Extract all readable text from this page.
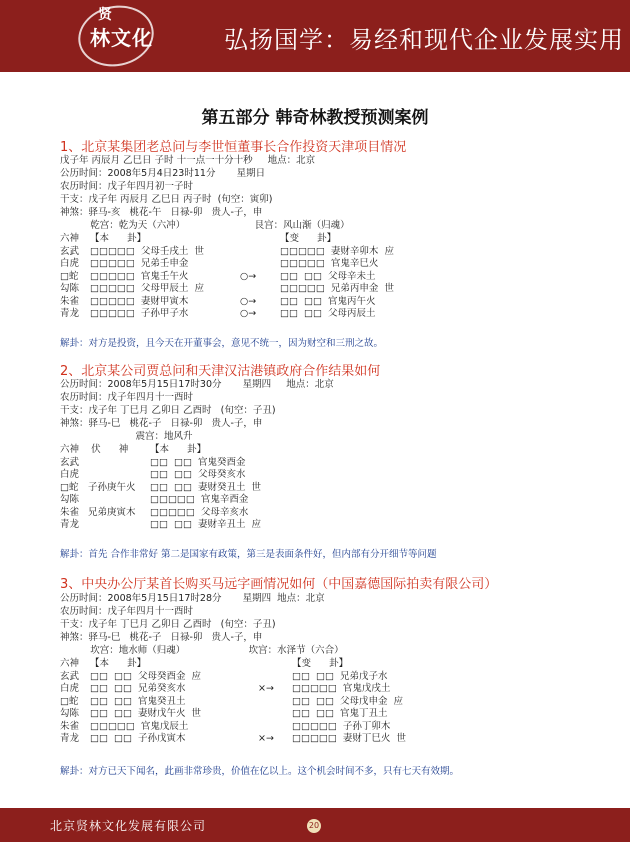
贤
林文化	弘扬国学：易经和现代企业发展实用
第五部分 韩奇林教授预测案例
1、北京某集团老总问与李世恒董事长合作投资天津项目情况
戊子年 丙辰月 乙巳日 子时 十一点一十分十秒     地点：北京
公历时间：2008年5月4日23时11分       星期日
农历时间：戊子年四月初一子时
干支：戊子年 丙辰月 乙巳日 丙子时  (旬空：寅卯)
神煞：驿马-亥   桃花-午   日禄-卯   贵人-子，申
乾宫：乾为天（六冲）                       艮宫：风山渐（归魂）
六神	【本      卦】		【变      卦】
玄武	□□□□□  父母壬戌土  世		□□□□□  妻财辛卯木  应
白虎	□□□□□  兄弟壬申金		□□□□□  官鬼辛巳火
□蛇	□□□□□  官鬼壬午火	○→	□□  □□  父母辛未土
勾陈	□□□□□  父母甲辰土  应		□□□□□  兄弟丙申金  世
朱雀	□□□□□  妻财甲寅木	○→	□□  □□  官鬼丙午火
青龙	□□□□□  子孙甲子水	○→	□□  □□  父母丙辰土
解卦：对方是投资，且今天在开董事会，意见不统一，因为财空和三刑之故。
2、北京某公司贾总问和天津汉沽港镇政府合作结果如何
公历时间：2008年5月15日17时30分       星期四     地点：北京
农历时间：戊子年四月十一酉时
干支：戊子年 丁巳月 乙卯日 乙酉时   (旬空：子丑)
神煞：驿马-巳   桃花-子   日禄-卯   贵人-子，申
震宫：地风升
六神    伏      神	【本      卦】
玄武	□□  □□  官鬼癸酉金
白虎	□□  □□  父母癸亥水
□蛇 子孙庚午火	□□  □□  妻财癸丑土  世
勾陈	□□□□□  官鬼辛酉金
朱雀 兄弟庚寅木	□□□□□  父母辛亥水
青龙	□□  □□  妻财辛丑土  应
解卦：首先 合作非常好 第二是国家有政策，第三是表面条件好，但内部有分开细节等问题
3、中央办公厅某首长购买马远字画情况如何（中国嘉德国际拍卖有限公司）
公历时间：2008年5月15日17时28分       星期四  地点：北京
农历时间：戊子年四月十一酉时
干支：戊子年 丁巳月 乙卯日 乙酉时   (旬空：子丑)
神煞：驿马-巳   桃花-子   日禄-卯   贵人-子，申
坎宫：地水师（归魂）                     坎宫：水泽节（六合）
六神	【本      卦】		【变      卦】
玄武	□□  □□  父母癸酉金  应		□□  □□  兄弟戊子水
白虎	□□  □□  兄弟癸亥水	×→	□□□□□  官鬼戊戌土
□蛇	□□  □□  官鬼癸丑土		□□  □□  父母戊申金  应
勾陈	□□  □□  妻财戊午火  世		□□  □□  官鬼丁丑土
朱雀	□□□□□  官鬼戊辰土		□□□□□  子孙丁卯木
青龙	□□  □□  子孙戊寅木	×→	□□□□□  妻财丁巳火  世
解卦：对方已天下闻名，此画非常珍贵，价值在亿以上。这个机会时间不多，只有七天有效期。
北京贤林文化发展有限公司	20
